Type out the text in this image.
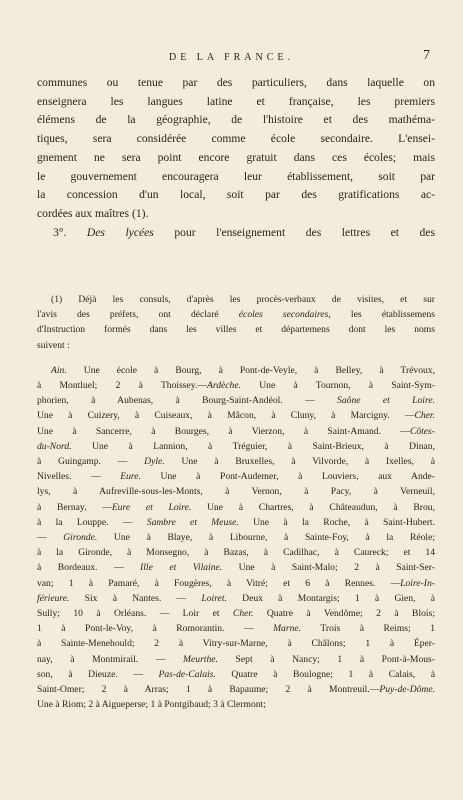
DE LA FRANCE.	7

communes ou tenue par des particuliers, dans laquelle on

enseignera les langues latine et française, les premiers

élémens de la géographie, de l'histoire et des mathéma-

tiques, sera considérée comme école secondaire. L'ensei-

gnement ne sera point encore gratuit dans ces écoles; mais

le gouvernement encouragera leur établissement, soit par

la concession d'un local, soit par des gratifications ac-

cordées aux maîtres (1).

3°. Des lycées pour l'enseignement des lettres et des

(1) Déjà les consuls, d'après les procès-verbaux de visites, et sur

l'avis des préfets, ont déclaré écoles secondaires, les établissemens

d'Instruction formés dans les villes et départemens dont les noms

suivent :

Ain. Une école à Bourg, à Pont-de-Veyle, à Belley, à Trévoux,

à Montluel; 2 à Thoissey.—Ardèche. Une à Tournon, à Saint-Sym-

phorien, à Aubenas, à Bourg-Saint-Andéol. — Saône et Loire.

Une à Cuizery, à Cuiseaux, à Mâcon, à Cluny, à Marcigny. —Cher.

Une à Sancerre, à Bourges, à Vierzon, à Saint-Amand. —Côtes-

du-Nord. Une à Lannion, à Tréguier, à Saint-Brieux, à Dinan,

à Guingamp. — Dyle. Une à Bruxelles, à Vilvorde, à Ixelles, à

Nivelles. — Eure. Une à Pont-Audemer, à Louviers, aux Ande-

lys, à Aufreville-sous-les-Monts, à Vernon, à Pacy, à Verneuil,

à Bernay. —Eure et Loire. Une à Chartres, à Châteaudun, à Brou,

à la Louppe. — Sambre et Meuse. Une à la Roche, à Saint-Hubert.

— Gironde. Une à Blaye, à Libourne, à Sainte-Foy, à la Réole;

à la Gironde, à Monsegno, à Bazas, à Cadilhac, à Caureck; et 14

à Bordeaux. — Ille et Vilaine. Une à Saint-Malo; 2 à Saint-Ser-

van; 1 à Pamaré, à Fougères, à Vitré; et 6 à Rennes. —Loire-In-

férieure. Six à Nantes. — Loiret. Deux à Montargis; 1 à Gien, à

Sully; 10 à Orléans. — Loir et Cher. Quatre à Vendôme; 2 à Blois;

1 à Pont-le-Voy, à Romorantin. — Marne. Trois à Reims; 1

à Sainte-Menehould; 2 à Vitry-sur-Marne, à Châlons; 1 à Éper-

nay, à Montmirail. — Meurthe. Sept à Nancy; 1 à Pont-à-Mous-

son, à Dieuze. — Pas-de-Calais. Quatre à Boulogne; 1 à Calais, à

Saint-Omer; 2 à Arras; 1 à Bapaume; 2 à Montreuil.—Puy-de-Dôme.

Une à Riom; 2 à Aigueperse; 1 à Pontgibaud; 3 à Clermont;
